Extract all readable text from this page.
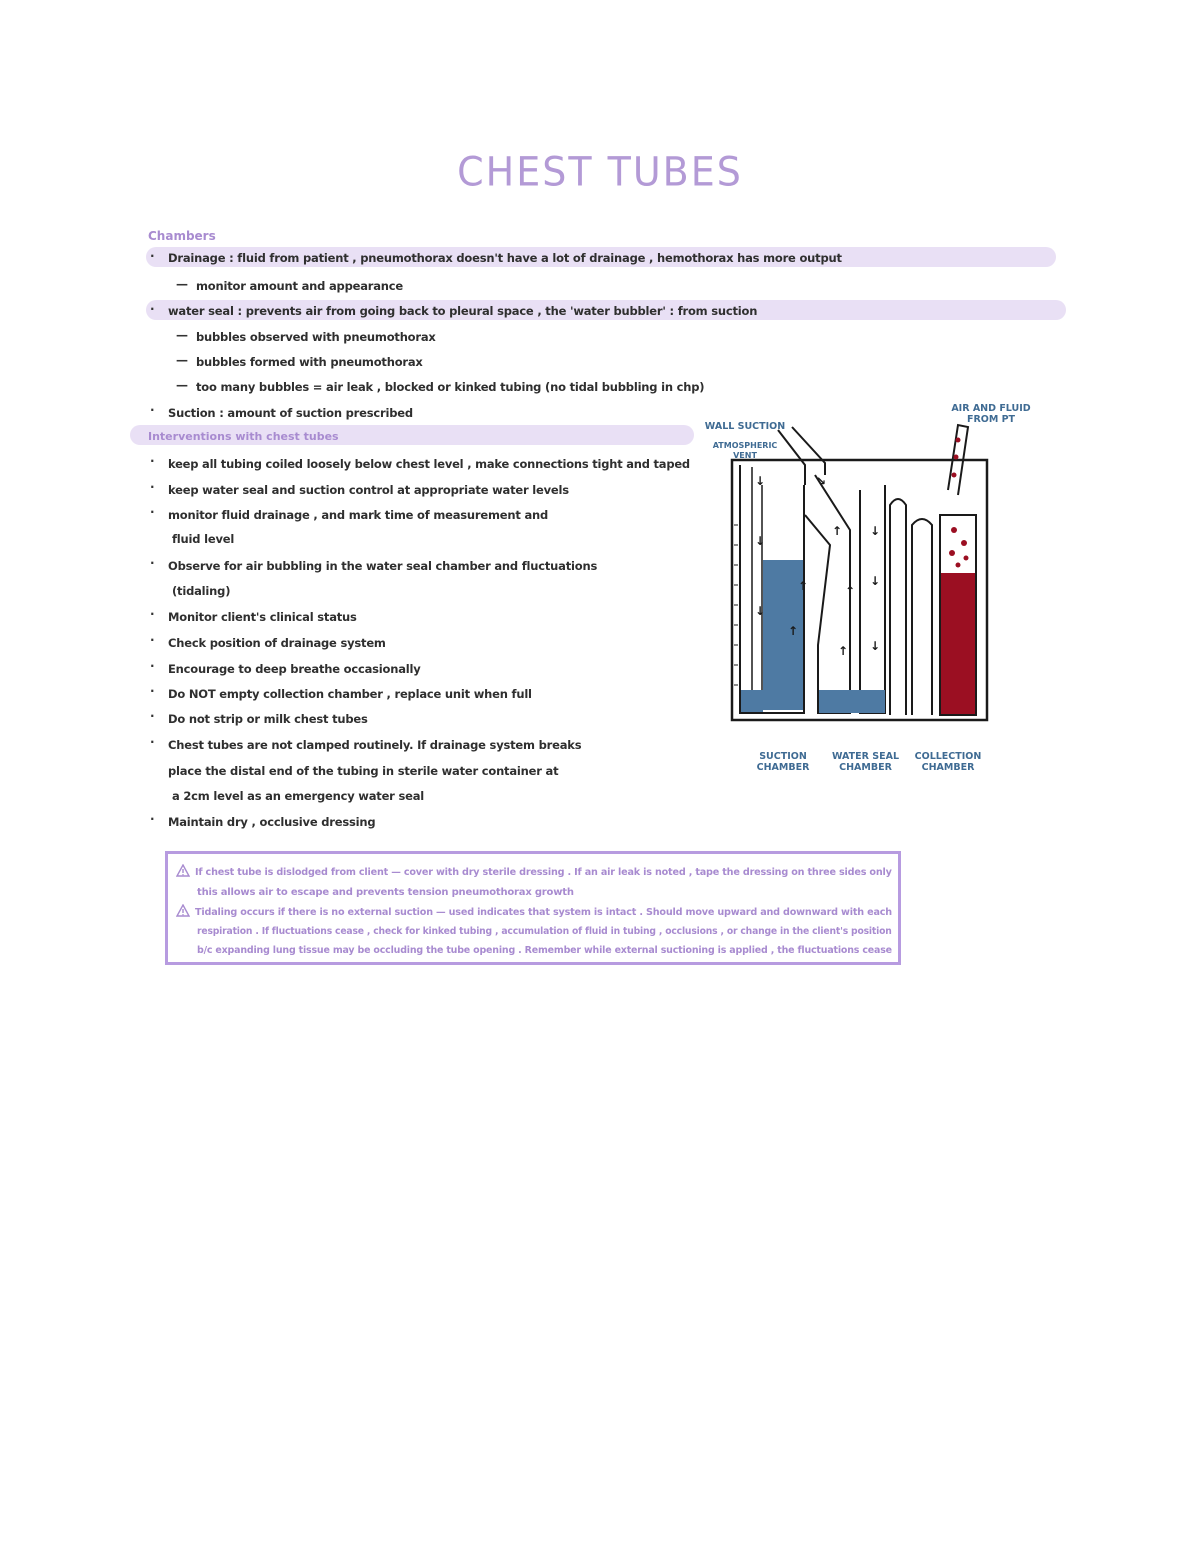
CHEST TUBES
Chambers
· Drainage : fluid from patient , pneumothorax doesn't have a lot of drainage , hemothorax has more output
— monitor amount and appearance
· water seal : prevents air from going back to pleural space , the 'water bubbler' : from suction
— bubbles observed with pneumothorax
— bubbles formed with pneumothorax
— too many bubbles = air leak , blocked or kinked tubing (no tidal bubbling in chp)
· Suction : amount of suction prescribed
Interventions with chest tubes
· keep all tubing coiled loosely below chest level , make connections tight and taped
· keep water seal and suction control at appropriate water levels
· monitor fluid drainage , and mark time of measurement and
fluid level
· Observe for air bubbling in the water seal chamber and fluctuations
(tidaling)
· Monitor client's clinical status
· Check position of drainage system
· Encourage to deep breathe occasionally
· Do NOT empty collection chamber , replace unit when full
· Do not strip or milk chest tubes
· Chest tubes are not clamped routinely. If drainage system breaks
place the distal end of the tubing in sterile water container at
a 2cm level as an emergency water seal
· Maintain dry , occlusive dressing
↓
↓
↓
↑
↑
↑
↑
↑
↓
↓
↓
↘
WALL SUCTION
ATMOSPHERIC VENT
AIR AND FLUID FROM PT
SUCTION CHAMBER
WATER SEAL CHAMBER
COLLECTION CHAMBER
If chest tube is dislodged from client — cover with dry sterile dressing . If an air leak is noted , tape the dressing on three sides only
this allows air to escape and prevents tension pneumothorax growth
Tidaling occurs if there is no external suction — used indicates that system is intact . Should move upward and downward with each
respiration . If fluctuations cease , check for kinked tubing , accumulation of fluid in tubing , occlusions , or change in the client's position
b/c expanding lung tissue may be occluding the tube opening . Remember while external suctioning is applied , the fluctuations cease
